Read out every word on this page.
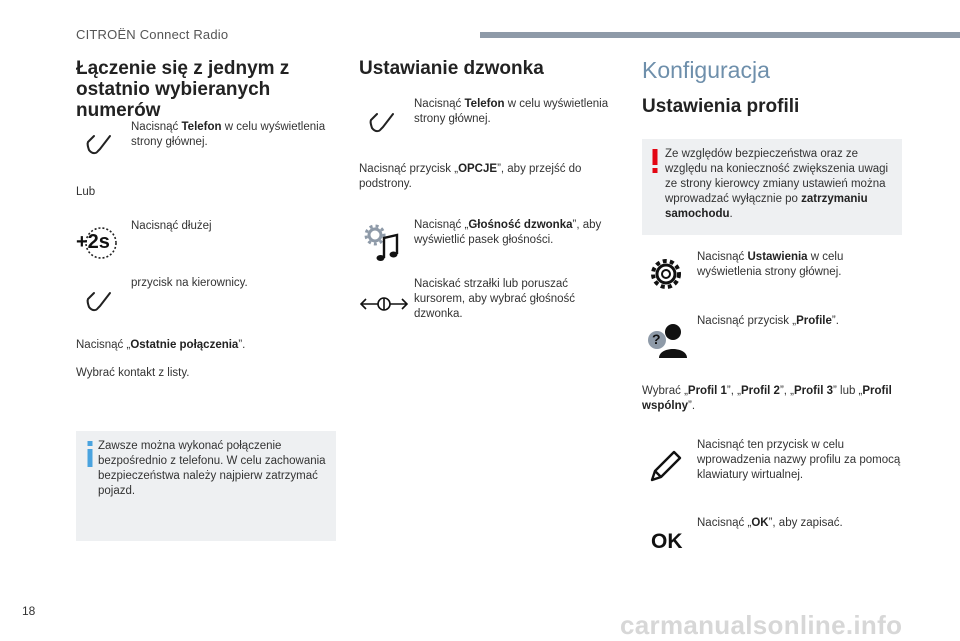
CITROËN Connect Radio
Łączenie się z jednym z ostatnio wybieranych numerów
Nacisnąć Telefon w celu wyświetlenia strony głównej.
Lub
Nacisnąć dłużej
+2s
przycisk na kierownicy.
Nacisnąć „Ostatnie połączenia”.
Wybrać kontakt z listy.
Zawsze można wykonać połączenie bezpośrednio z telefonu. W celu zachowania bezpieczeństwa należy najpierw zatrzymać pojazd.
Ustawianie dzwonka
Nacisnąć Telefon w celu wyświetlenia strony głównej.
Nacisnąć przycisk „OPCJE”, aby przejść do podstrony.
Nacisnąć „Głośność dzwonka”, aby wyświetlić pasek głośności.
Naciskać strzałki lub poruszać kursorem, aby wybrać głośność dzwonka.
Konfiguracja
Ustawienia profili
Ze względów bezpieczeństwa oraz ze względu na konieczność zwiększenia uwagi ze strony kierowcy zmiany ustawień można wprowadzać wyłącznie po zatrzymaniu samochodu.
Nacisnąć Ustawienia w celu wyświetlenia strony głównej.
?
Nacisnąć przycisk „Profile”.
Wybrać „Profil 1”, „Profil 2”, „Profil 3” lub „Profil wspólny”.
Nacisnąć ten przycisk w celu wprowadzenia nazwy profilu za pomocą klawiatury wirtualnej.
OK
Nacisnąć „OK”, aby zapisać.
18	carmanualsonline.info
